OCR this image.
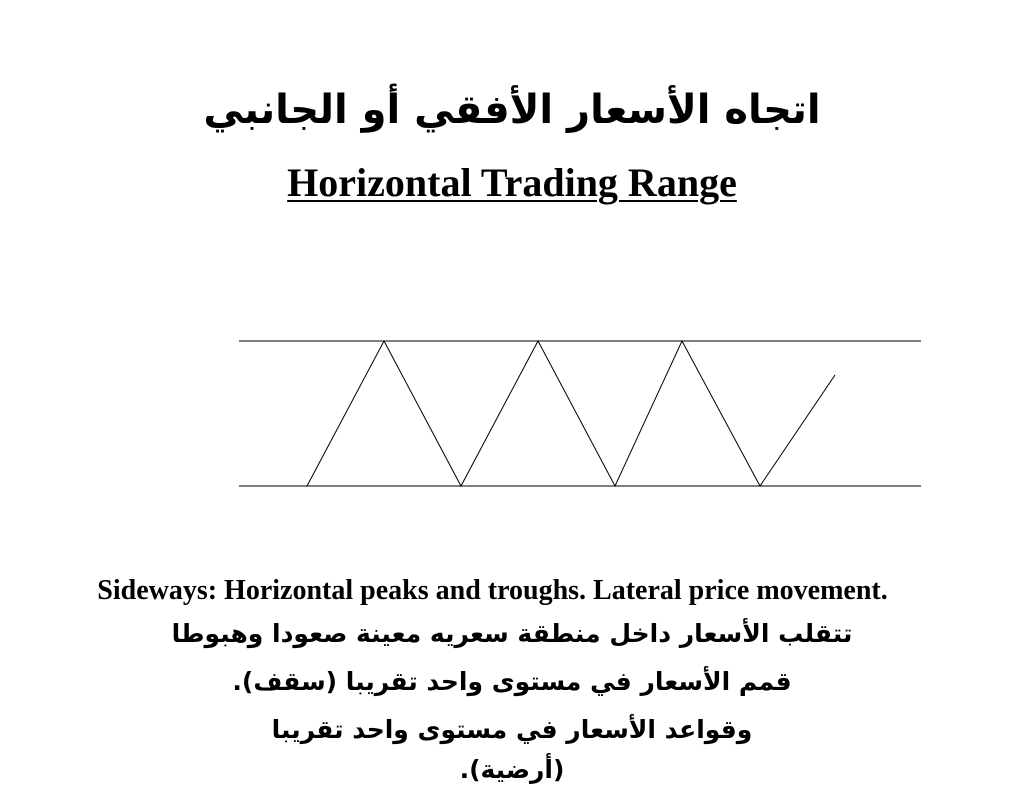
اتجاه الأسعار الأفقي أو الجانبي
Horizontal Trading Range
Sideways: Horizontal peaks and troughs. Lateral price movement.
تتقلب الأسعار داخل منطقة سعريه معينة صعودا وهبوطا
قمم الأسعار في مستوى واحد تقريبا (سقف).
وقواعد الأسعار في مستوى واحد تقريبا
(أرضية).
